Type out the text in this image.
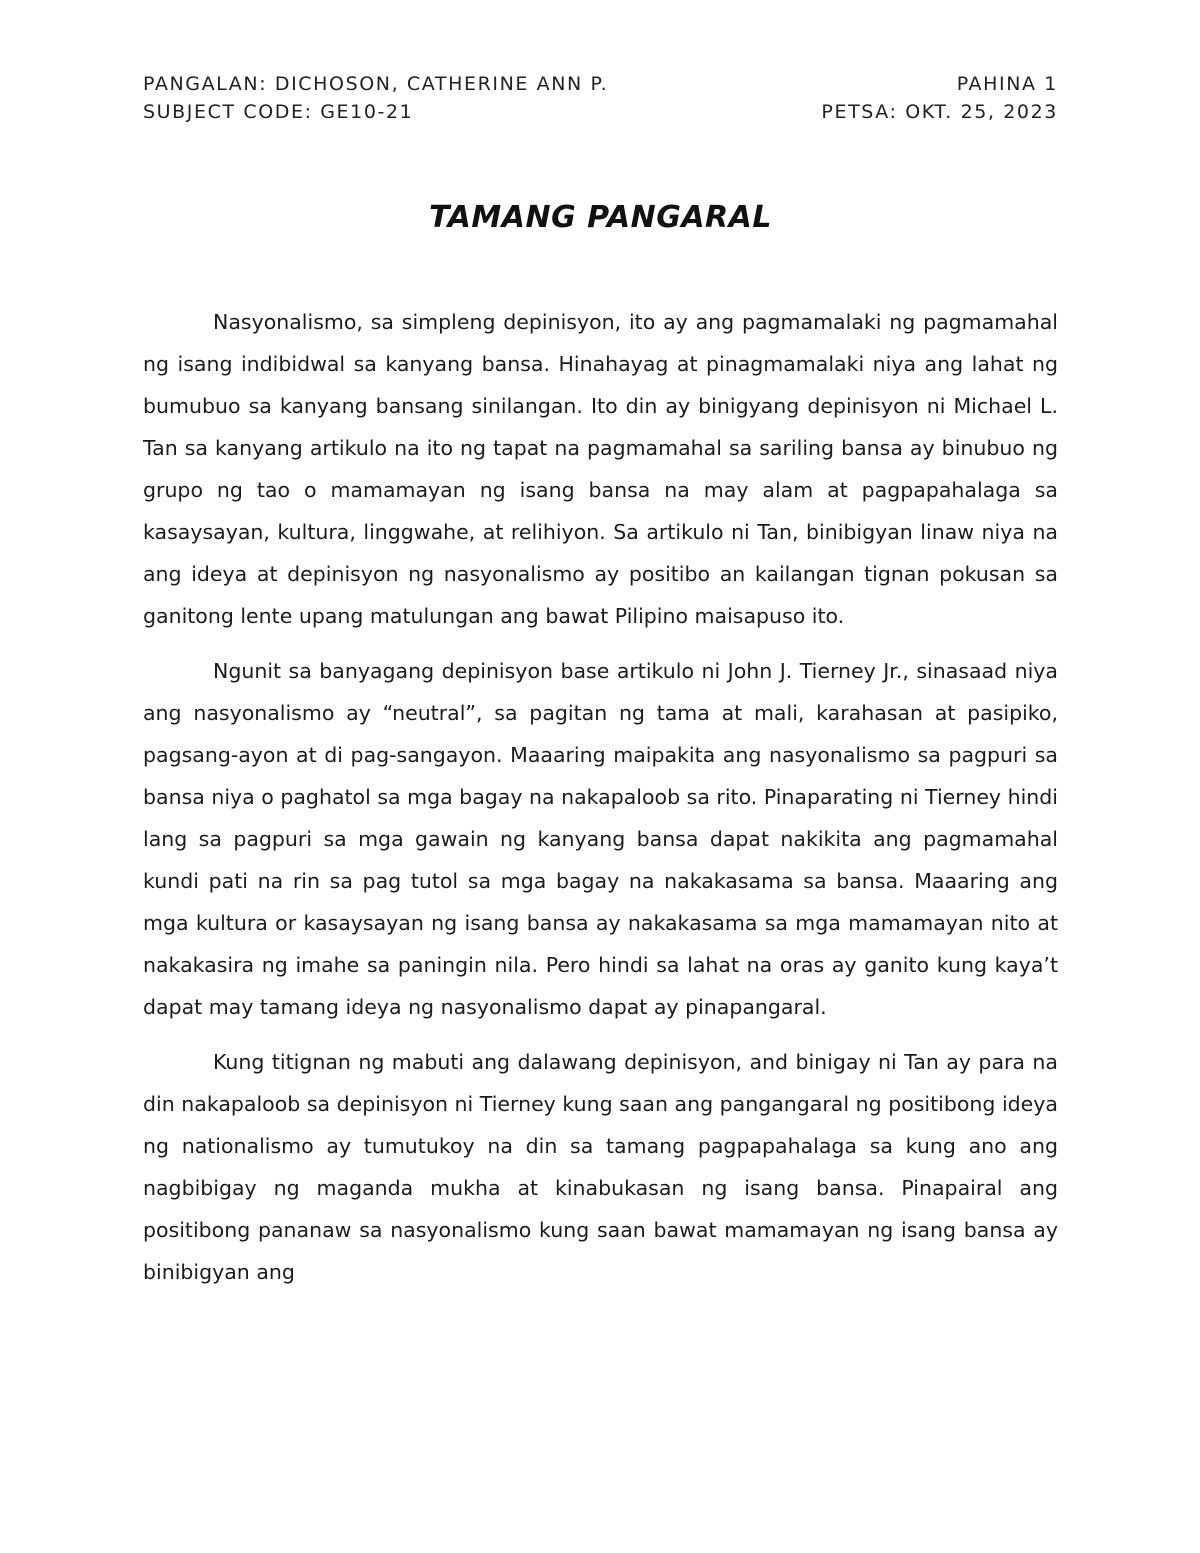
PANGALAN: DICHOSON, CATHERINE ANN P.	PAHINA 1
SUBJECT CODE: GE10-21	PETSA: OKT. 25, 2023
TAMANG PANGARAL

Nasyonalismo, sa simpleng depinisyon, ito ay ang pagmamalaki ng pagmamahal ng isang indibidwal sa kanyang bansa. Hinahayag at pinagmamalaki niya ang lahat ng bumubuo sa kanyang bansang sinilangan. Ito din ay binigyang depinisyon ni Michael L. Tan sa kanyang artikulo na ito ng tapat na pagmamahal sa sariling bansa ay binubuo ng grupo ng tao o mamamayan ng isang bansa na may alam at pagpapahalaga sa kasaysayan, kultura, linggwahe, at relihiyon. Sa artikulo ni Tan, binibigyan linaw niya na ang ideya at depinisyon ng nasyonalismo ay positibo an kailangan tignan pokusan sa ganitong lente upang matulungan ang bawat Pilipino maisapuso ito.

Ngunit sa banyagang depinisyon base artikulo ni John J. Tierney Jr., sinasaad niya ang nasyonalismo ay “neutral”, sa pagitan ng tama at mali, karahasan at pasipiko, pagsang-ayon at di pag-sangayon. Maaaring maipakita ang nasyonalismo sa pagpuri sa bansa niya o paghatol sa mga bagay na nakapaloob sa rito. Pinaparating ni Tierney hindi lang sa pagpuri sa mga gawain ng kanyang bansa dapat nakikita ang pagmamahal kundi pati na rin sa pag tutol sa mga bagay na nakakasama sa bansa. Maaaring ang mga kultura or kasaysayan ng isang bansa ay nakakasama sa mga mamamayan nito at nakakasira ng imahe sa paningin nila. Pero hindi sa lahat na oras ay ganito kung kaya’t dapat may tamang ideya ng nasyonalismo dapat ay pinapangaral.

Kung titignan ng mabuti ang dalawang depinisyon, and binigay ni Tan ay para na din nakapaloob sa depinisyon ni Tierney kung saan ang pangangaral ng positibong ideya ng nationalismo ay tumutukoy na din sa tamang pagpapahalaga sa kung ano ang nagbibigay ng maganda mukha at kinabukasan ng isang bansa. Pinapairal ang positibong pananaw sa nasyonalismo kung saan bawat mamamayan ng isang bansa ay binibigyan ang
